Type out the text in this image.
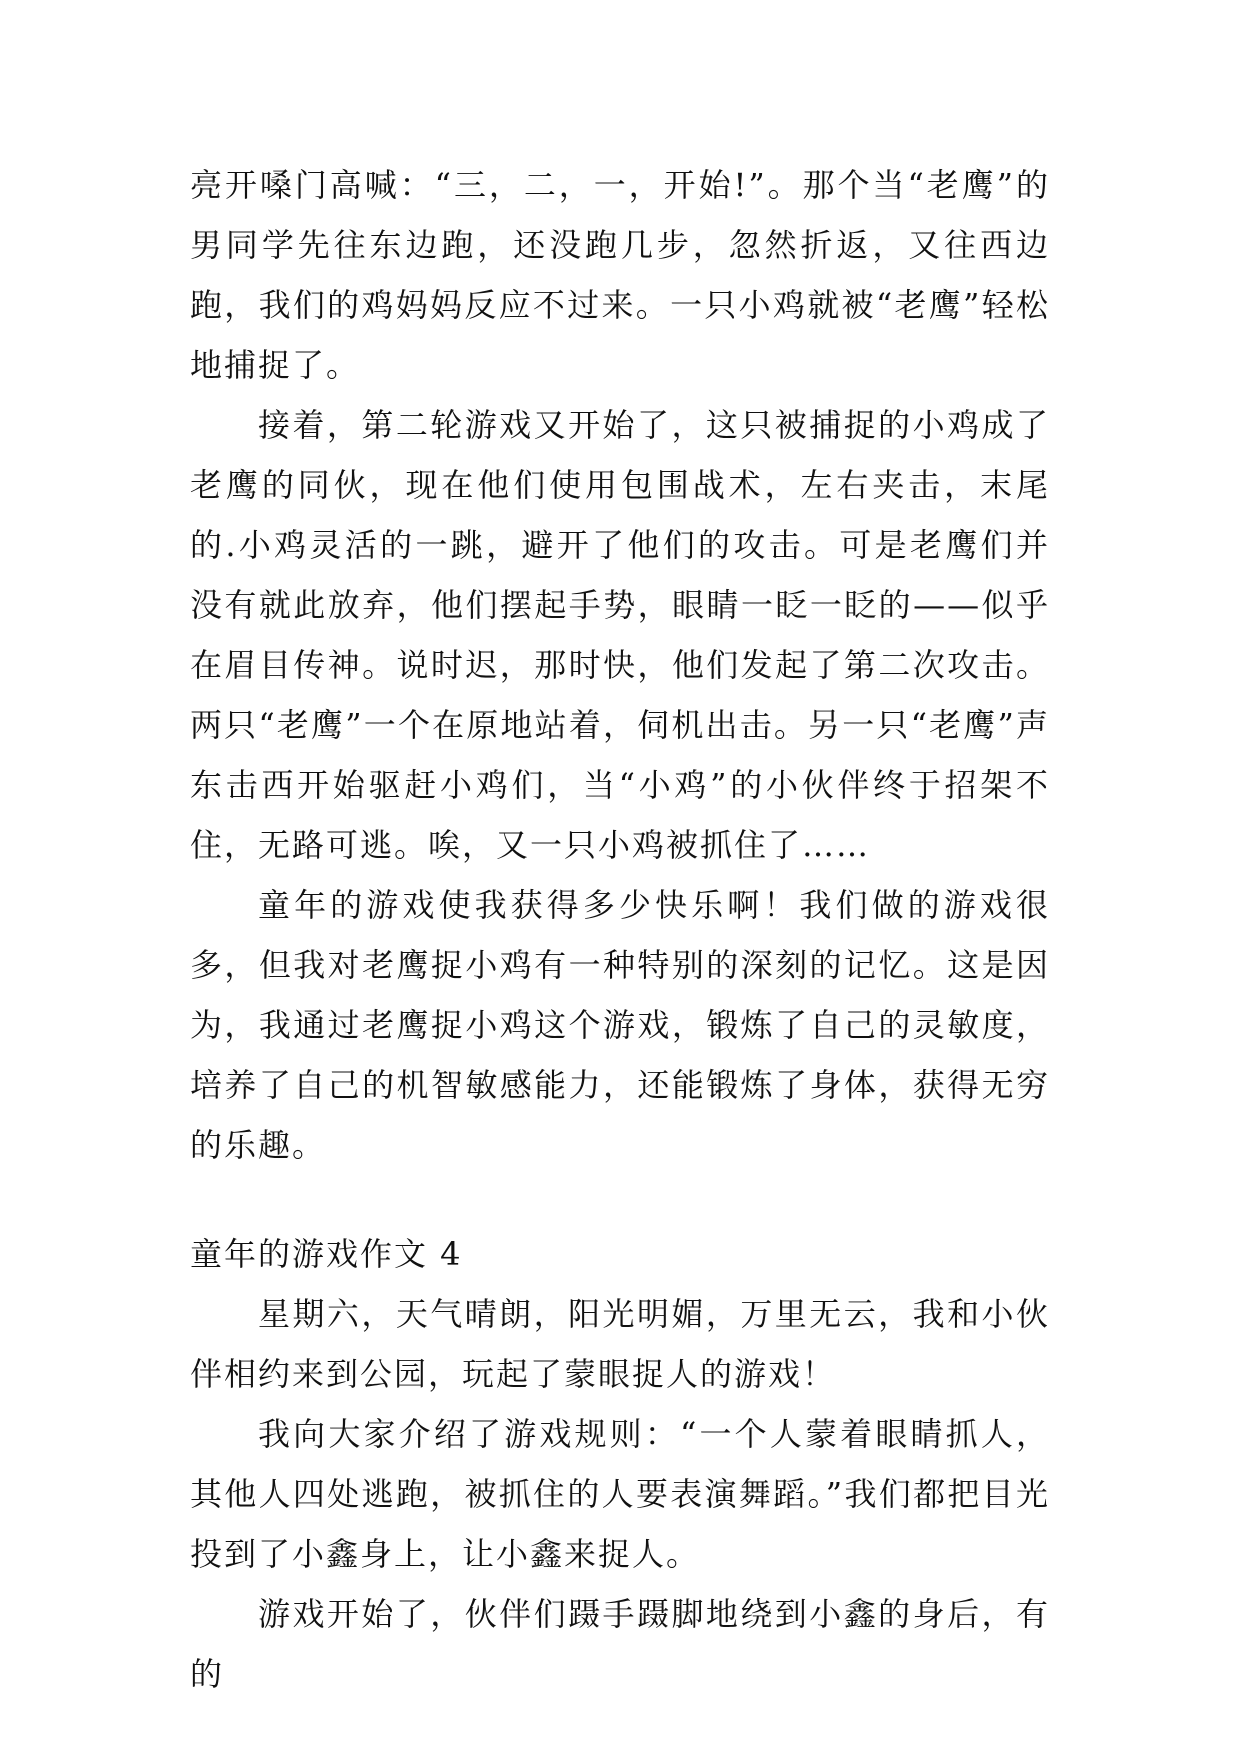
亮开嗓门高喊：“三，二，一，开始!”。那个当“老鹰”的男同学先往东边跑，还没跑几步，忽然折返，又往西边跑，我们的鸡妈妈反应不过来。一只小鸡就被“老鹰”轻松地捕捉了。

接着，第二轮游戏又开始了，这只被捕捉的小鸡成了老鹰的同伙，现在他们使用包围战术，左右夹击，末尾的.小鸡灵活的一跳，避开了他们的攻击。可是老鹰们并没有就此放弃，他们摆起手势，眼睛一眨一眨的——似乎在眉目传神。说时迟，那时快，他们发起了第二次攻击。两只“老鹰”一个在原地站着，伺机出击。另一只“老鹰”声东击西开始驱赶小鸡们，当“小鸡”的小伙伴终于招架不住，无路可逃。唉，又一只小鸡被抓住了……

童年的游戏使我获得多少快乐啊！我们做的游戏很多，但我对老鹰捉小鸡有一种特别的深刻的记忆。这是因为，我通过老鹰捉小鸡这个游戏，锻炼了自己的灵敏度，培养了自己的机智敏感能力，还能锻炼了身体，获得无穷的乐趣。

童年的游戏作文 4

星期六，天气晴朗，阳光明媚，万里无云，我和小伙伴相约来到公园，玩起了蒙眼捉人的游戏！

我向大家介绍了游戏规则：“一个人蒙着眼睛抓人，其他人四处逃跑，被抓住的人要表演舞蹈。”我们都把目光投到了小鑫身上，让小鑫来捉人。

游戏开始了，伙伴们蹑手蹑脚地绕到小鑫的身后，有的
